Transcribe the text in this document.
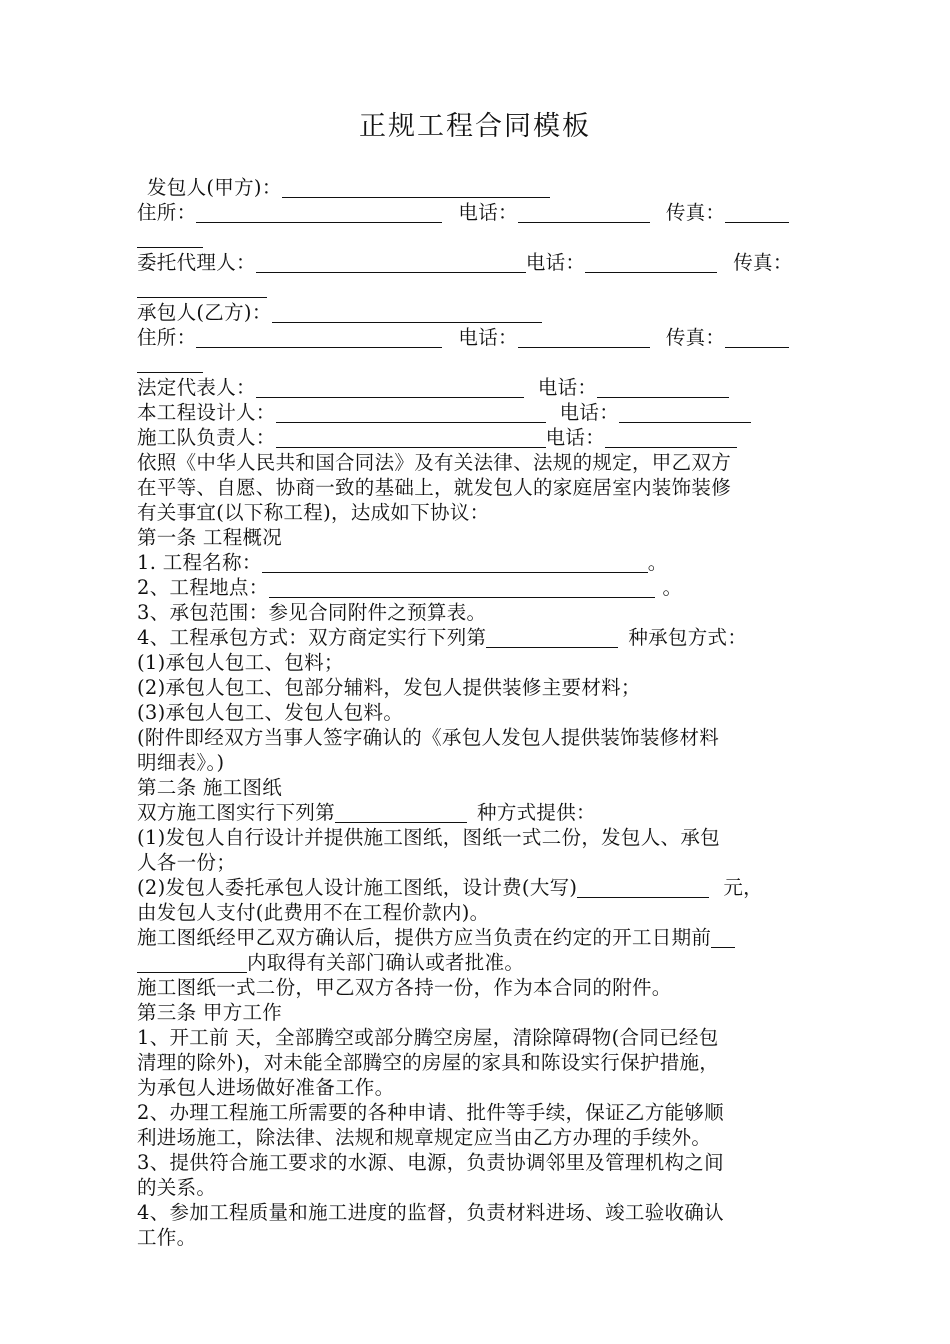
正规工程合同模板
发包人(甲方)：
住所：	电话：	传真：
委托代理人：	电话：	传真：
承包人(乙方)：
住所：	电话：	传真：
法定代表人：	电话：
本工程设计人：	电话：
施工队负责人：	电话：
依照《中华人民共和国合同法》及有关法律、法规的规定，甲乙双方
在平等、自愿、协商一致的基础上，就发包人的家庭居室内装饰装修
有关事宜(以下称工程)，达成如下协议：
第一条 工程概况
1. 工程名称：	。
2、工程地点：	。
3、承包范围：参见合同附件之预算表。
4、工程承包方式：双方商定实行下列第	种承包方式：
(1)承包人包工、包料；
(2)承包人包工、包部分辅料，发包人提供装修主要材料；
(3)承包人包工、发包人包料。
(附件即经双方当事人签字确认的《承包人发包人提供装饰装修材料
明细表》。)
第二条 施工图纸
双方施工图实行下列第	种方式提供：
(1)发包人自行设计并提供施工图纸，图纸一式二份，发包人、承包
人各一份；
(2)发包人委托承包人设计施工图纸，设计费(大写)	元，
由发包人支付(此费用不在工程价款内)。
施工图纸经甲乙双方确认后，提供方应当负责在约定的开工日期前
内取得有关部门确认或者批准。
施工图纸一式二份，甲乙双方各持一份，作为本合同的附件。
第三条 甲方工作
1、开工前 天，全部腾空或部分腾空房屋，清除障碍物(合同已经包
清理的除外)，对未能全部腾空的房屋的家具和陈设实行保护措施，
为承包人进场做好准备工作。
2、办理工程施工所需要的各种申请、批件等手续，保证乙方能够顺
利进场施工，除法律、法规和规章规定应当由乙方办理的手续外。
3、提供符合施工要求的水源、电源，负责协调邻里及管理机构之间
的关系。
4、参加工程质量和施工进度的监督，负责材料进场、竣工验收确认
工作。
